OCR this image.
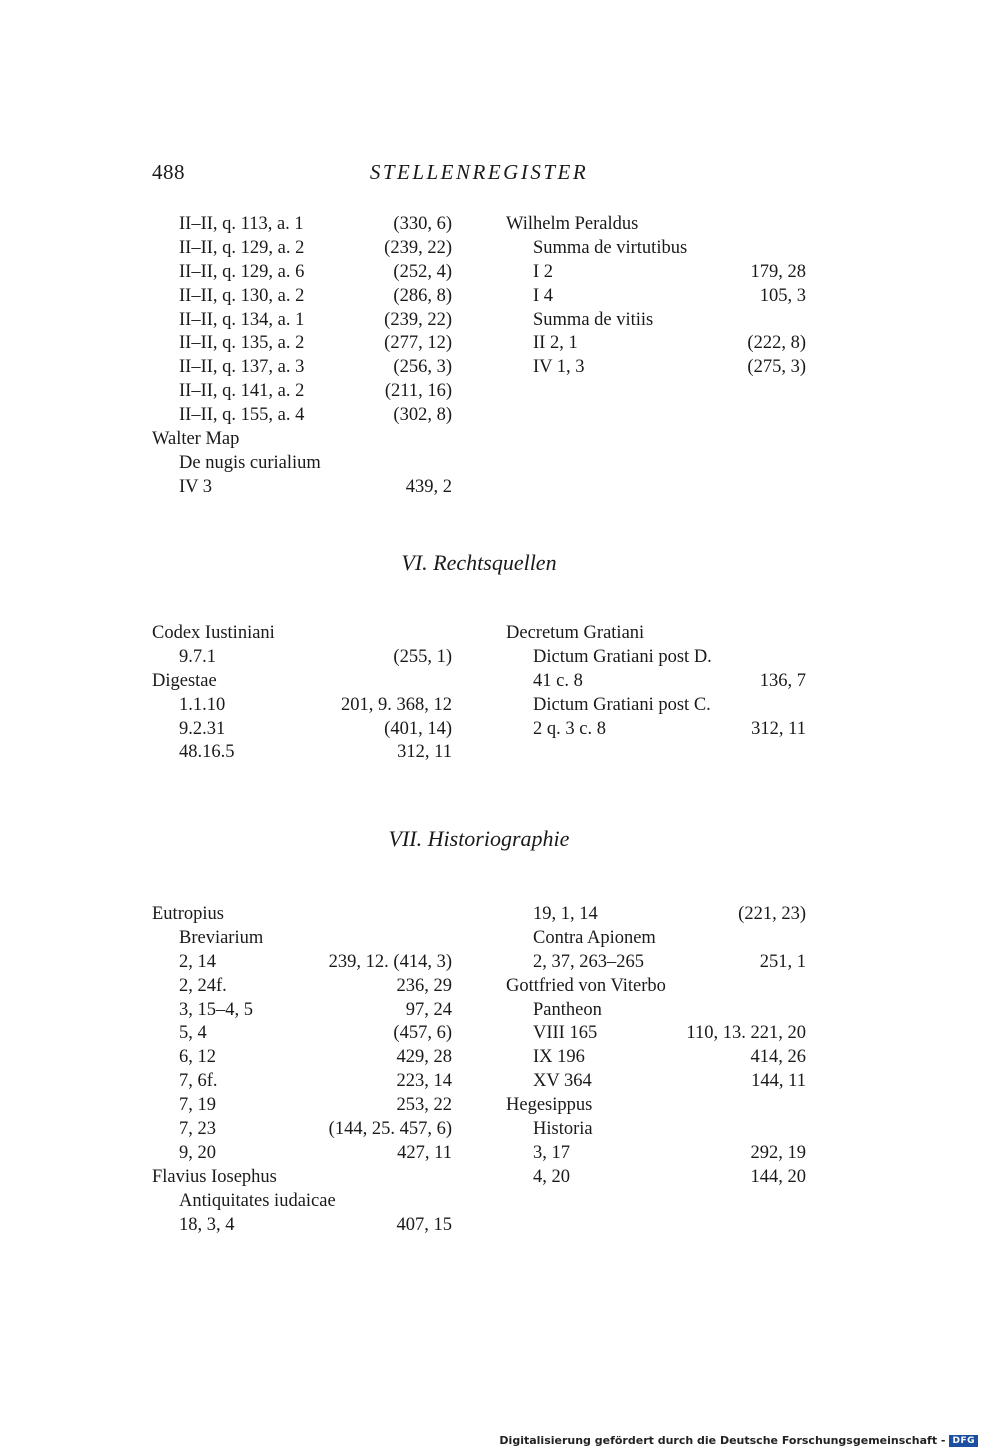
488	STELLENREGISTER
II–II, q. 113, a. 1	(330, 6)
II–II, q. 129, a. 2	(239, 22)
II–II, q. 129, a. 6	(252, 4)
II–II, q. 130, a. 2	(286, 8)
II–II, q. 134, a. 1	(239, 22)
II–II, q. 135, a. 2	(277, 12)
II–II, q. 137, a. 3	(256, 3)
II–II, q. 141, a. 2	(211, 16)
II–II, q. 155, a. 4	(302, 8)
Walter Map
De nugis curialium
IV 3	439, 2
Wilhelm Peraldus
Summa de virtutibus
I 2	179, 28
I 4	105, 3
Summa de vitiis
II 2, 1	(222, 8)
IV 1, 3	(275, 3)
VI. Rechtsquellen
Codex Iustiniani
9.7.1	(255, 1)
Digestae
1.1.10	201, 9. 368, 12
9.2.31	(401, 14)
48.16.5	312, 11
Decretum Gratiani
Dictum Gratiani post D.
41 c. 8	136, 7
Dictum Gratiani post C.
2 q. 3 c. 8	312, 11
VII. Historiographie
Eutropius
Breviarium
2, 14	239, 12. (414, 3)
2, 24f.	236, 29
3, 15–4, 5	97, 24
5, 4	(457, 6)
6, 12	429, 28
7, 6f.	223, 14
7, 19	253, 22
7, 23	(144, 25. 457, 6)
9, 20	427, 11
Flavius Iosephus
Antiquitates iudaicae
18, 3, 4	407, 15
19, 1, 14	(221, 23)
Contra Apionem
2, 37, 263–265	251, 1
Gottfried von Viterbo
Pantheon
VIII 165	110, 13. 221, 20
IX 196	414, 26
XV 364	144, 11
Hegesippus
Historia
3, 17	292, 19
4, 20	144, 20
Digitalisierung gefördert durch die Deutsche Forschungsgemeinschaft - DFG
